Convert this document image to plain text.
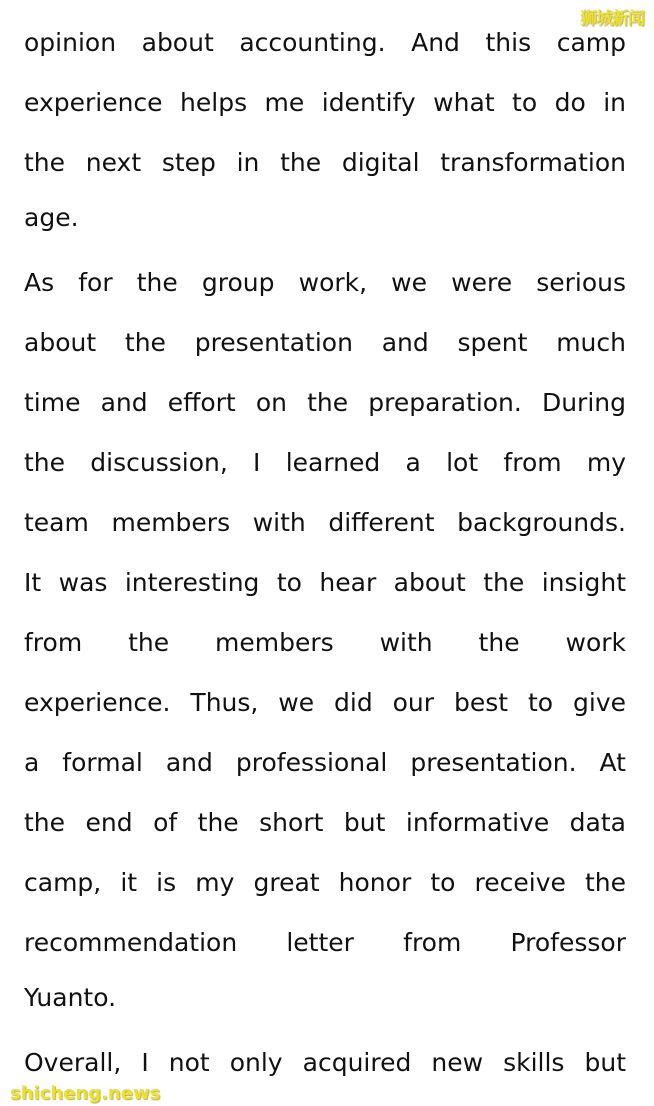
opinion about accounting. And this camp
experience helps me identify what to do in
the next step in the digital transformation
age.
As for the group work, we were serious
about the presentation and spent much
time and effort on the preparation. During
the discussion, I learned a lot from my
team members with different backgrounds.
It was interesting to hear about the insight
from the members with the work
experience. Thus, we did our best to give
a formal and professional presentation. At
the end of the short but informative data
camp, it is my great honor to receive the
recommendation letter from Professor
Yuanto.
Overall, I not only acquired new skills but
狮城新闻
shicheng.news
